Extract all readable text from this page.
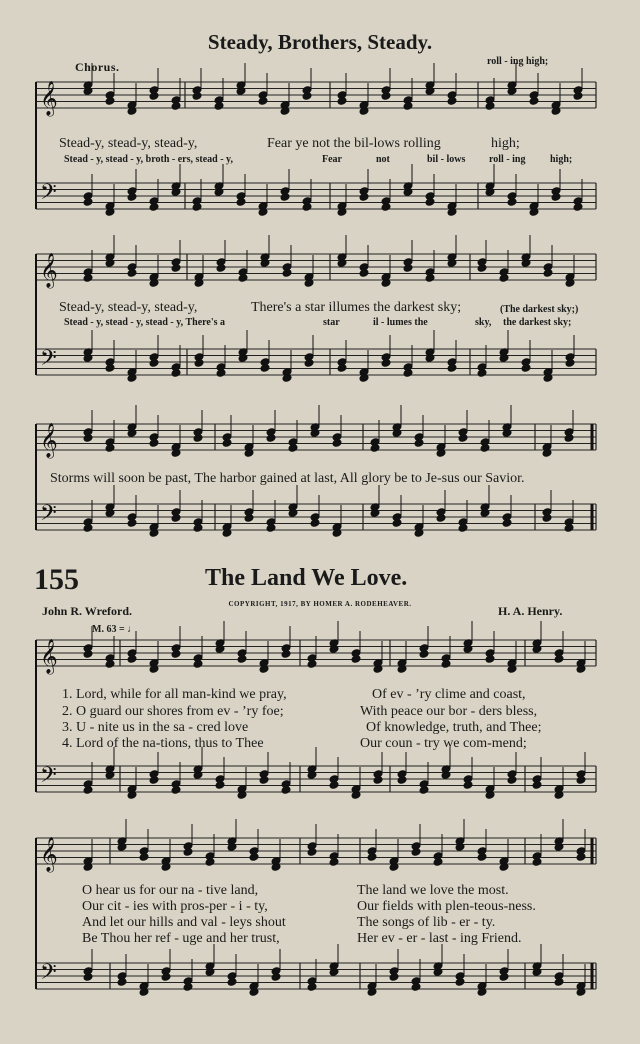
𝄞
𝄢
𝄞
𝄢
𝄞
𝄢
𝄞
𝄢
𝄞
𝄢
Steady, Brothers, Steady.
Chorus.	roll - ing high;
Stead-y, stead-y, stead-y,	Fear ye not the bil-lows rolling	high;
Stead - y, stead - y, broth - ers, stead - y,	Fear	not	bil - lows roll - ing high;
Stead-y, stead-y, stead-y,	There's a star illumes the darkest sky;	(The darkest sky;)
Stead - y, stead - y, stead - y, There's a	star	il - lumes the	sky, the darkest sky;
Storms will soon be past, The harbor gained at last, All glory be to Je-sus our Savior.
155	The Land We Love.
COPYRIGHT, 1917, BY HOMER A. RODEHEAVER.
John R. Wreford.	H. A. Henry.
M. 63 = ♩
1. Lord, while for all man-kind we pray,	Of ev - ’ry clime and coast,
2. O guard our shores from ev - ’ry foe;	With peace our bor - ders bless,
3. U - nite us in the sa - cred love	Of knowledge, truth, and Thee;
4. Lord of the na-tions, thus to Thee	Our coun - try we com-mend;
O hear us for our na - tive land,	The land we love the most.
Our cit - ies with pros-per - i - ty,	Our fields with plen-teous-ness.
And let our hills and val - leys shout	The songs of lib - er - ty.
Be Thou her ref - uge and her trust,	Her ev - er - last - ing Friend.
